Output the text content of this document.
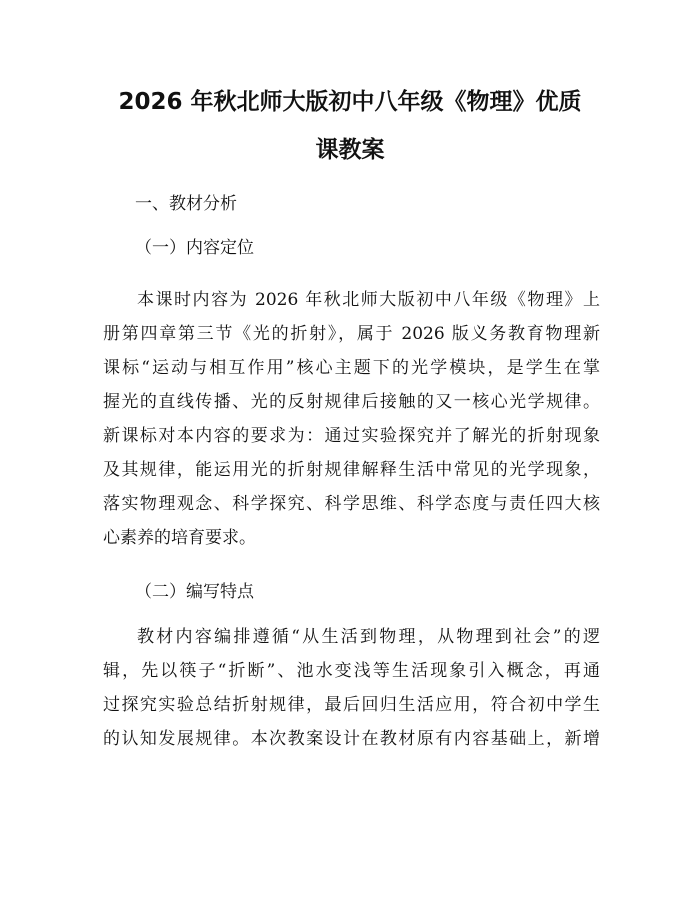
2026 年秋北师大版初中八年级《物理》优质
课教案
一、教材分析
（一）内容定位
本课时内容为 2026 年秋北师大版初中八年级《物理》上
册第四章第三节《光的折射》，属于 2026 版义务教育物理新
课标“运动与相互作用”核心主题下的光学模块，是学生在掌
握光的直线传播、光的反射规律后接触的又一核心光学规律。
新课标对本内容的要求为：通过实验探究并了解光的折射现象
及其规律，能运用光的折射规律解释生活中常见的光学现象，
落实物理观念、科学探究、科学思维、科学态度与责任四大核
心素养的培育要求。
（二）编写特点
教材内容编排遵循“从生活到物理，从物理到社会”的逻
辑，先以筷子“折断”、池水变浅等生活现象引入概念，再通
过探究实验总结折射规律，最后回归生活应用，符合初中学生
的认知发展规律。本次教案设计在教材原有内容基础上，新增
